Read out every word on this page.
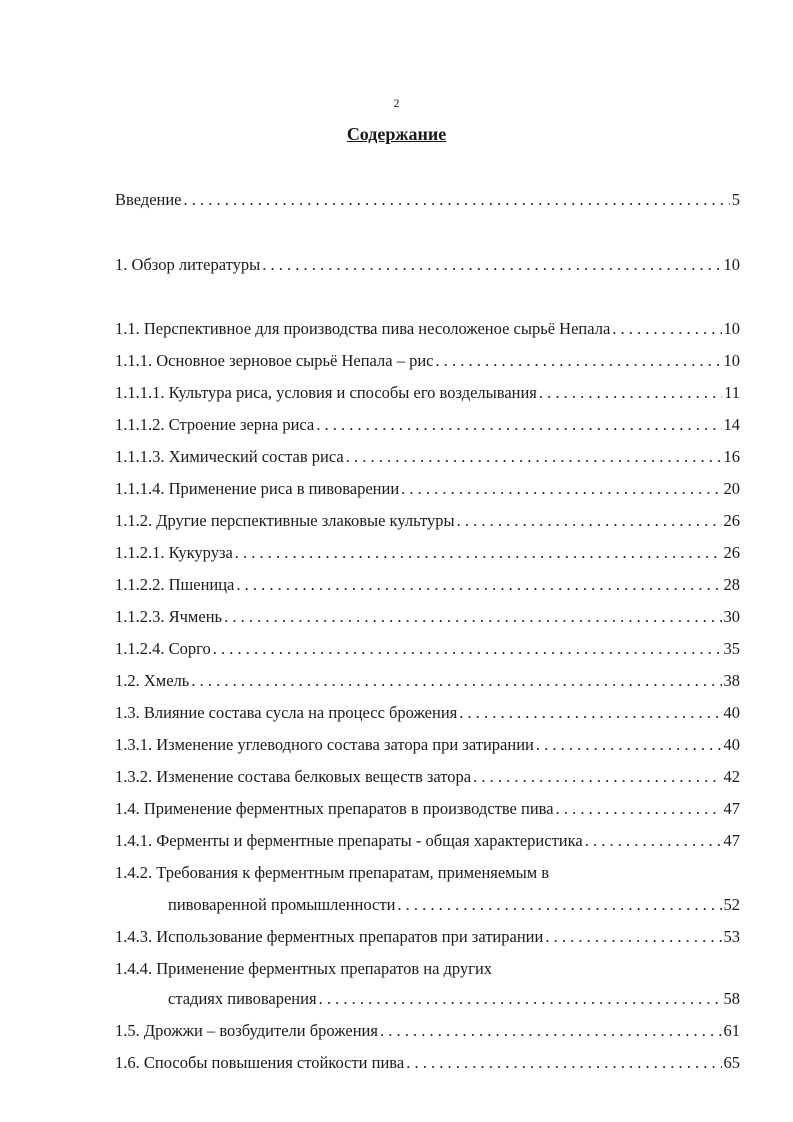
2
Содержание
Введение . . .	5
1. Обзор литературы . . .	10
1.1. Перспективное для производства пива несоложеное сырьё Непала . . .	10
1.1.1. Основное зерновое сырьё Непала – рис . . .	10
1.1.1.1. Культура риса, условия и способы его возделывания . . .	11
1.1.1.2. Строение зерна риса . . .	14
1.1.1.3. Химический состав риса . . .	16
1.1.1.4. Применение риса в пивоварении . . .	20
1.1.2. Другие перспективные злаковые культуры . . .	26
1.1.2.1. Кукуруза . . .	26
1.1.2.2. Пшеница . . .	28
1.1.2.3. Ячмень . . .	30
1.1.2.4. Сорго . . .	35
1.2. Хмель . . .	38
1.3. Влияние состава сусла на процесс брожения . . .	40
1.3.1. Изменение углеводного состава затора при затирании . . .	40
1.3.2. Изменение состава белковых веществ затора . . .	42
1.4. Применение ферментных препаратов в производстве пива . . .	47
1.4.1. Ферменты и ферментные препараты - общая характеристика . . .	47
1.4.2. Требования к ферментным препаратам, применяемым в
пивоваренной промышленности . . .	52
1.4.3. Использование ферментных препаратов при затирании . . .	53
1.4.4. Применение ферментных препаратов на других
стадиях пивоварения . . .	58
1.5. Дрожжи – возбудители брожения . . .	61
1.6. Способы повышения стойкости пива . . .	65
